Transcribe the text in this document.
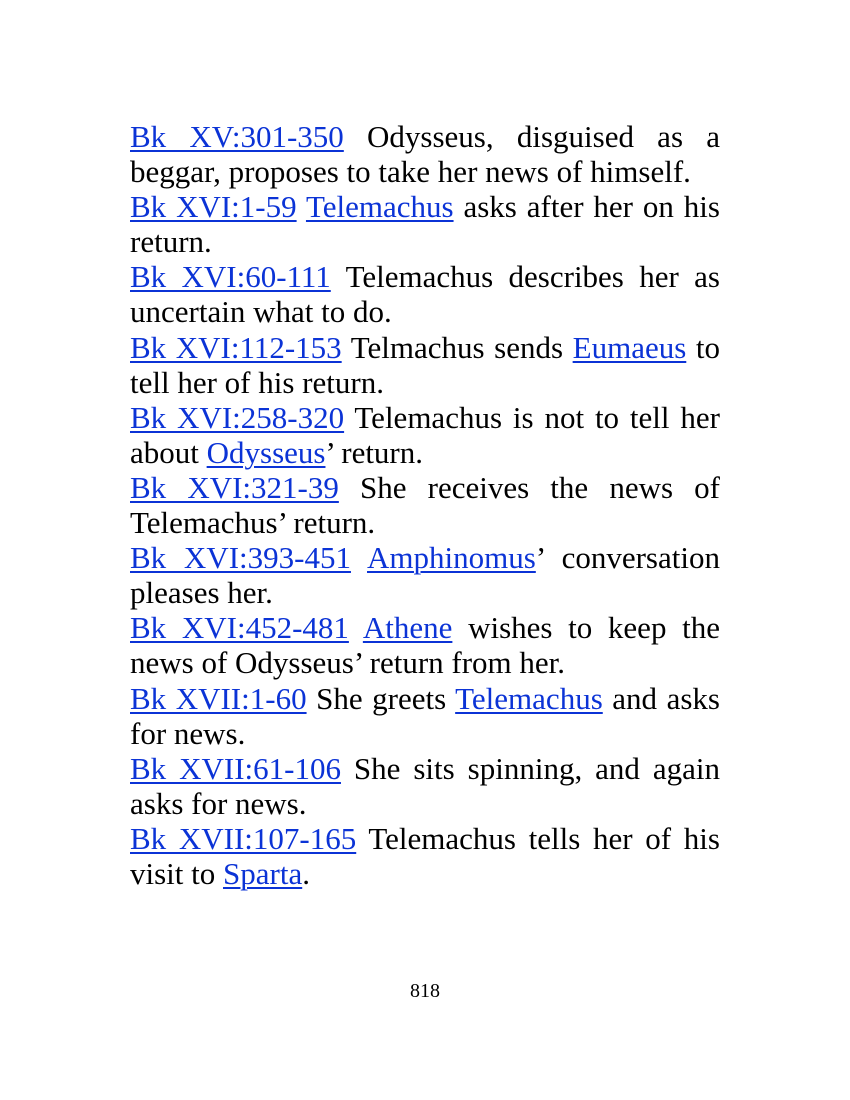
Bk XV:301-350 Odysseus, disguised as a beggar, proposes to take her news of himself.

Bk XVI:1-59 Telemachus asks after her on his return.

Bk XVI:60-111 Telemachus describes her as uncertain what to do.

Bk XVI:112-153 Telmachus sends Eumaeus to tell her of his return.

Bk XVI:258-320 Telemachus is not to tell her about Odysseus’ return.

Bk XVI:321-39 She receives the news of Telemachus’ return.

Bk XVI:393-451 Amphinomus’ conversation pleases her.

Bk XVI:452-481 Athene wishes to keep the news of Odysseus’ return from her.

Bk XVII:1-60 She greets Telemachus and asks for news.

Bk XVII:61-106 She sits spinning, and again asks for news.

Bk XVII:107-165 Telemachus tells her of his visit to Sparta.

818
